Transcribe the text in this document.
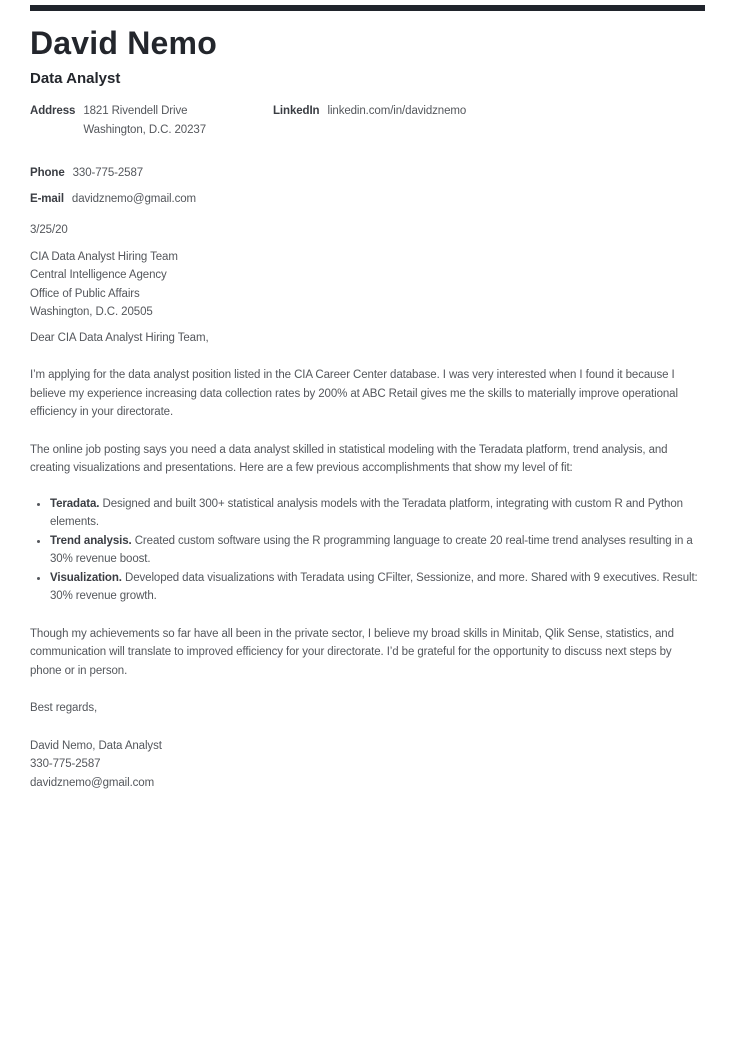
David Nemo
Data Analyst
Address 1821 Rivendell Drive
Washington, D.C. 20237
LinkedIn linkedin.com/in/davidznemo
Phone 330-775-2587
E-mail davidznemo@gmail.com

3/25/20

CIA Data Analyst Hiring Team
Central Intelligence Agency
Office of Public Affairs
Washington, D.C. 20505

Dear CIA Data Analyst Hiring Team,

I’m applying for the data analyst position listed in the CIA Career Center database. I was very interested when I found it because I believe my experience increasing data collection rates by 200% at ABC Retail gives me the skills to materially improve operational efficiency in your directorate.

The online job posting says you need a data analyst skilled in statistical modeling with the Teradata platform, trend analysis, and creating visualizations and presentations. Here are a few previous accomplishments that show my level of fit:

• Teradata. Designed and built 300+ statistical analysis models with the Teradata platform, integrating with custom R and Python elements.
• Trend analysis. Created custom software using the R programming language to create 20 real-time trend analyses resulting in a 30% revenue boost.
• Visualization. Developed data visualizations with Teradata using CFilter, Sessionize, and more. Shared with 9 executives. Result: 30% revenue growth.

Though my achievements so far have all been in the private sector, I believe my broad skills in Minitab, Qlik Sense, statistics, and communication will translate to improved efficiency for your directorate. I’d be grateful for the opportunity to discuss next steps by phone or in person.

Best regards,

David Nemo, Data Analyst
330-775-2587
davidznemo@gmail.com
